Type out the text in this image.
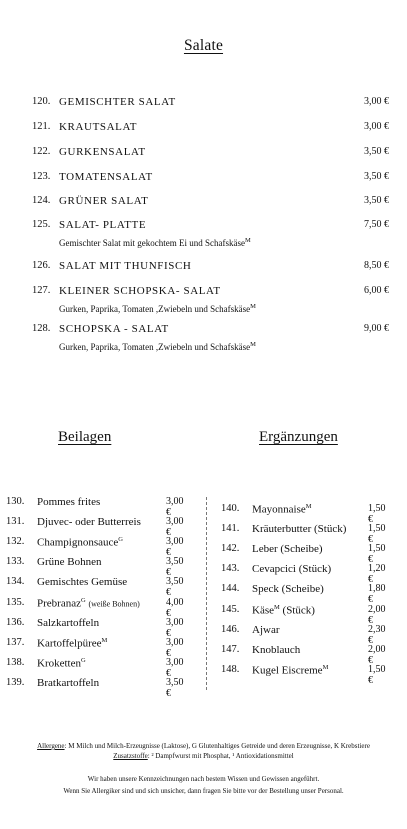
Salate
120. GEMISCHTER SALAT	3,00 €
121. KRAUTSALAT	3,00 €
122. GURKENSALAT	3,50 €
123. TOMATENSALAT	3,50 €
124. GRÜNER SALAT	3,50 €
125. SALAT- PLATTE	7,50 €
Gemischter Salat mit gekochtem Ei und Schafskäse$^M$
126. SALAT MIT THUNFISCH	8,50 €
127. KLEINER SCHOPSKA- SALAT	6,00 €
Gurken, Paprika, Tomaten ,Zwiebeln und Schafskäse$^M$
128. SCHOPSKA - SALAT	9,00 €
Gurken, Paprika, Tomaten ,Zwiebeln und Schafskäse$^M$
Beilagen	Ergänzungen
130. Pommes frites	3,00 €
131. Djuvec- oder Butterreis	3,00 €
132. Champignonsauce$^G$	3,00 €
133. Grüne Bohnen	3,50 €
134. Gemischtes Gemüse	3,50 €
135. Prebranaz$^G$ (weiße Bohnen)	4,00 €
136. Salzkartoffeln	3,00 €
137. Kartoffelpüree$^M$	3,00 €
138. Kroketten$^G$	3,00 €
139. Bratkartoffeln	3,50 €
140. Mayonnaise$^M$	1,50 €
141. Kräuterbutter (Stück) 1,50 €
142. Leber (Scheibe)	1,50 €
143. Cevapcici (Stück)	1,20 €
144. Speck (Scheibe)	1,80 €
145. Käse$^M$ (Stück)	2,00 €
146. Ajwar	2,30 €
147. Knoblauch	2,00 €
148. Kugel Eiscreme$^M$	1,50 €
Allergene: M Milch und Milch-Erzeugnisse (Laktose), G Glutenhaltiges Getreide und deren Erzeugnisse, K Krebstiere
Zusatzstoffe: ² Dampfwurst mit Phosphat, ¹ Antioxidationsmittel
Wir haben unsere Kennzeichnungen nach bestem Wissen und Gewissen angeführt.
Wenn Sie Allergiker sind und sich unsicher, dann fragen Sie bitte vor der Bestellung unser Personal.
